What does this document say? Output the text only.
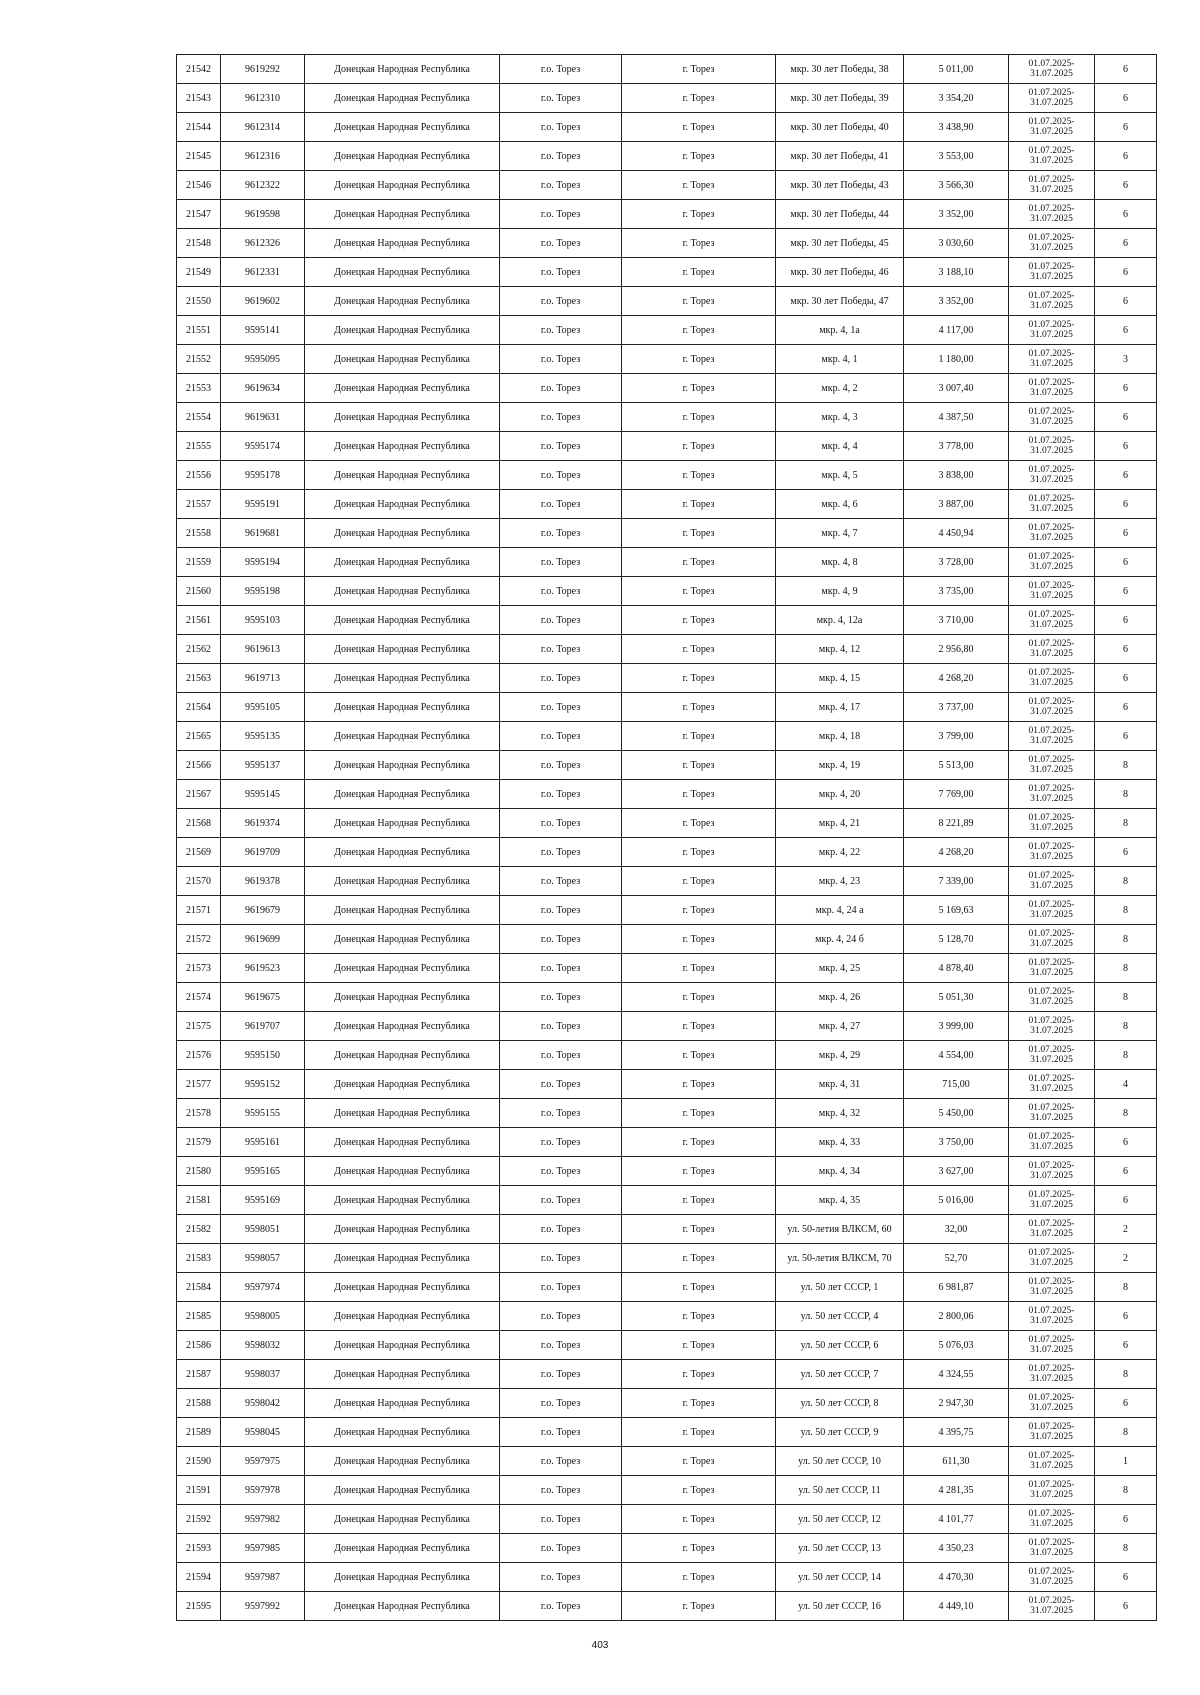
21542	9619292	Донецкая Народная Республика	г.о. Торез	г. Торез	мкр. 30 лет Победы, 38	5 011,00	01.07.2025-31.07.2025	6
21543	9612310	Донецкая Народная Республика	г.о. Торез	г. Торез	мкр. 30 лет Победы, 39	3 354,20	01.07.2025-31.07.2025	6
21544	9612314	Донецкая Народная Республика	г.о. Торез	г. Торез	мкр. 30 лет Победы, 40	3 438,90	01.07.2025-31.07.2025	6
21545	9612316	Донецкая Народная Республика	г.о. Торез	г. Торез	мкр. 30 лет Победы, 41	3 553,00	01.07.2025-31.07.2025	6
21546	9612322	Донецкая Народная Республика	г.о. Торез	г. Торез	мкр. 30 лет Победы, 43	3 566,30	01.07.2025-31.07.2025	6
21547	9619598	Донецкая Народная Республика	г.о. Торез	г. Торез	мкр. 30 лет Победы, 44	3 352,00	01.07.2025-31.07.2025	6
21548	9612326	Донецкая Народная Республика	г.о. Торез	г. Торез	мкр. 30 лет Победы, 45	3 030,60	01.07.2025-31.07.2025	6
21549	9612331	Донецкая Народная Республика	г.о. Торез	г. Торез	мкр. 30 лет Победы, 46	3 188,10	01.07.2025-31.07.2025	6
21550	9619602	Донецкая Народная Республика	г.о. Торез	г. Торез	мкр. 30 лет Победы, 47	3 352,00	01.07.2025-31.07.2025	6
21551	9595141	Донецкая Народная Республика	г.о. Торез	г. Торез	мкр. 4, 1а	4 117,00	01.07.2025-31.07.2025	6
21552	9595095	Донецкая Народная Республика	г.о. Торез	г. Торез	мкр. 4, 1	1 180,00	01.07.2025-31.07.2025	3
21553	9619634	Донецкая Народная Республика	г.о. Торез	г. Торез	мкр. 4, 2	3 007,40	01.07.2025-31.07.2025	6
21554	9619631	Донецкая Народная Республика	г.о. Торез	г. Торез	мкр. 4, 3	4 387,50	01.07.2025-31.07.2025	6
21555	9595174	Донецкая Народная Республика	г.о. Торез	г. Торез	мкр. 4, 4	3 778,00	01.07.2025-31.07.2025	6
21556	9595178	Донецкая Народная Республика	г.о. Торез	г. Торез	мкр. 4, 5	3 838,00	01.07.2025-31.07.2025	6
21557	9595191	Донецкая Народная Республика	г.о. Торез	г. Торез	мкр. 4, 6	3 887,00	01.07.2025-31.07.2025	6
21558	9619681	Донецкая Народная Республика	г.о. Торез	г. Торез	мкр. 4, 7	4 450,94	01.07.2025-31.07.2025	6
21559	9595194	Донецкая Народная Республика	г.о. Торез	г. Торез	мкр. 4, 8	3 728,00	01.07.2025-31.07.2025	6
21560	9595198	Донецкая Народная Республика	г.о. Торез	г. Торез	мкр. 4, 9	3 735,00	01.07.2025-31.07.2025	6
21561	9595103	Донецкая Народная Республика	г.о. Торез	г. Торез	мкр. 4, 12а	3 710,00	01.07.2025-31.07.2025	6
21562	9619613	Донецкая Народная Республика	г.о. Торез	г. Торез	мкр. 4, 12	2 956,80	01.07.2025-31.07.2025	6
21563	9619713	Донецкая Народная Республика	г.о. Торез	г. Торез	мкр. 4, 15	4 268,20	01.07.2025-31.07.2025	6
21564	9595105	Донецкая Народная Республика	г.о. Торез	г. Торез	мкр. 4, 17	3 737,00	01.07.2025-31.07.2025	6
21565	9595135	Донецкая Народная Республика	г.о. Торез	г. Торез	мкр. 4, 18	3 799,00	01.07.2025-31.07.2025	6
21566	9595137	Донецкая Народная Республика	г.о. Торез	г. Торез	мкр. 4, 19	5 513,00	01.07.2025-31.07.2025	8
21567	9595145	Донецкая Народная Республика	г.о. Торез	г. Торез	мкр. 4, 20	7 769,00	01.07.2025-31.07.2025	8
21568	9619374	Донецкая Народная Республика	г.о. Торез	г. Торез	мкр. 4, 21	8 221,89	01.07.2025-31.07.2025	8
21569	9619709	Донецкая Народная Республика	г.о. Торез	г. Торез	мкр. 4, 22	4 268,20	01.07.2025-31.07.2025	6
21570	9619378	Донецкая Народная Республика	г.о. Торез	г. Торез	мкр. 4, 23	7 339,00	01.07.2025-31.07.2025	8
21571	9619679	Донецкая Народная Республика	г.о. Торез	г. Торез	мкр. 4, 24 а	5 169,63	01.07.2025-31.07.2025	8
21572	9619699	Донецкая Народная Республика	г.о. Торез	г. Торез	мкр. 4, 24 б	5 128,70	01.07.2025-31.07.2025	8
21573	9619523	Донецкая Народная Республика	г.о. Торез	г. Торез	мкр. 4, 25	4 878,40	01.07.2025-31.07.2025	8
21574	9619675	Донецкая Народная Республика	г.о. Торез	г. Торез	мкр. 4, 26	5 051,30	01.07.2025-31.07.2025	8
21575	9619707	Донецкая Народная Республика	г.о. Торез	г. Торез	мкр. 4, 27	3 999,00	01.07.2025-31.07.2025	8
21576	9595150	Донецкая Народная Республика	г.о. Торез	г. Торез	мкр. 4, 29	4 554,00	01.07.2025-31.07.2025	8
21577	9595152	Донецкая Народная Республика	г.о. Торез	г. Торез	мкр. 4, 31	715,00	01.07.2025-31.07.2025	4
21578	9595155	Донецкая Народная Республика	г.о. Торез	г. Торез	мкр. 4, 32	5 450,00	01.07.2025-31.07.2025	8
21579	9595161	Донецкая Народная Республика	г.о. Торез	г. Торез	мкр. 4, 33	3 750,00	01.07.2025-31.07.2025	6
21580	9595165	Донецкая Народная Республика	г.о. Торез	г. Торез	мкр. 4, 34	3 627,00	01.07.2025-31.07.2025	6
21581	9595169	Донецкая Народная Республика	г.о. Торез	г. Торез	мкр. 4, 35	5 016,00	01.07.2025-31.07.2025	6
21582	9598051	Донецкая Народная Республика	г.о. Торез	г. Торез	ул. 50-летия ВЛКСМ, 60	32,00	01.07.2025-31.07.2025	2
21583	9598057	Донецкая Народная Республика	г.о. Торез	г. Торез	ул. 50-летия ВЛКСМ, 70	52,70	01.07.2025-31.07.2025	2
21584	9597974	Донецкая Народная Республика	г.о. Торез	г. Торез	ул. 50 лет СССР, 1	6 981,87	01.07.2025-31.07.2025	8
21585	9598005	Донецкая Народная Республика	г.о. Торез	г. Торез	ул. 50 лет СССР, 4	2 800,06	01.07.2025-31.07.2025	6
21586	9598032	Донецкая Народная Республика	г.о. Торез	г. Торез	ул. 50 лет СССР, 6	5 076,03	01.07.2025-31.07.2025	6
21587	9598037	Донецкая Народная Республика	г.о. Торез	г. Торез	ул. 50 лет СССР, 7	4 324,55	01.07.2025-31.07.2025	8
21588	9598042	Донецкая Народная Республика	г.о. Торез	г. Торез	ул. 50 лет СССР, 8	2 947,30	01.07.2025-31.07.2025	6
21589	9598045	Донецкая Народная Республика	г.о. Торез	г. Торез	ул. 50 лет СССР, 9	4 395,75	01.07.2025-31.07.2025	8
21590	9597975	Донецкая Народная Республика	г.о. Торез	г. Торез	ул. 50 лет СССР, 10	611,30	01.07.2025-31.07.2025	1
21591	9597978	Донецкая Народная Республика	г.о. Торез	г. Торез	ул. 50 лет СССР, 11	4 281,35	01.07.2025-31.07.2025	8
21592	9597982	Донецкая Народная Республика	г.о. Торез	г. Торез	ул. 50 лет СССР, 12	4 101,77	01.07.2025-31.07.2025	6
21593	9597985	Донецкая Народная Республика	г.о. Торез	г. Торез	ул. 50 лет СССР, 13	4 350,23	01.07.2025-31.07.2025	8
21594	9597987	Донецкая Народная Республика	г.о. Торез	г. Торез	ул. 50 лет СССР, 14	4 470,30	01.07.2025-31.07.2025	6
21595	9597992	Донецкая Народная Республика	г.о. Торез	г. Торез	ул. 50 лет СССР, 16	4 449,10	01.07.2025-31.07.2025	6
403
